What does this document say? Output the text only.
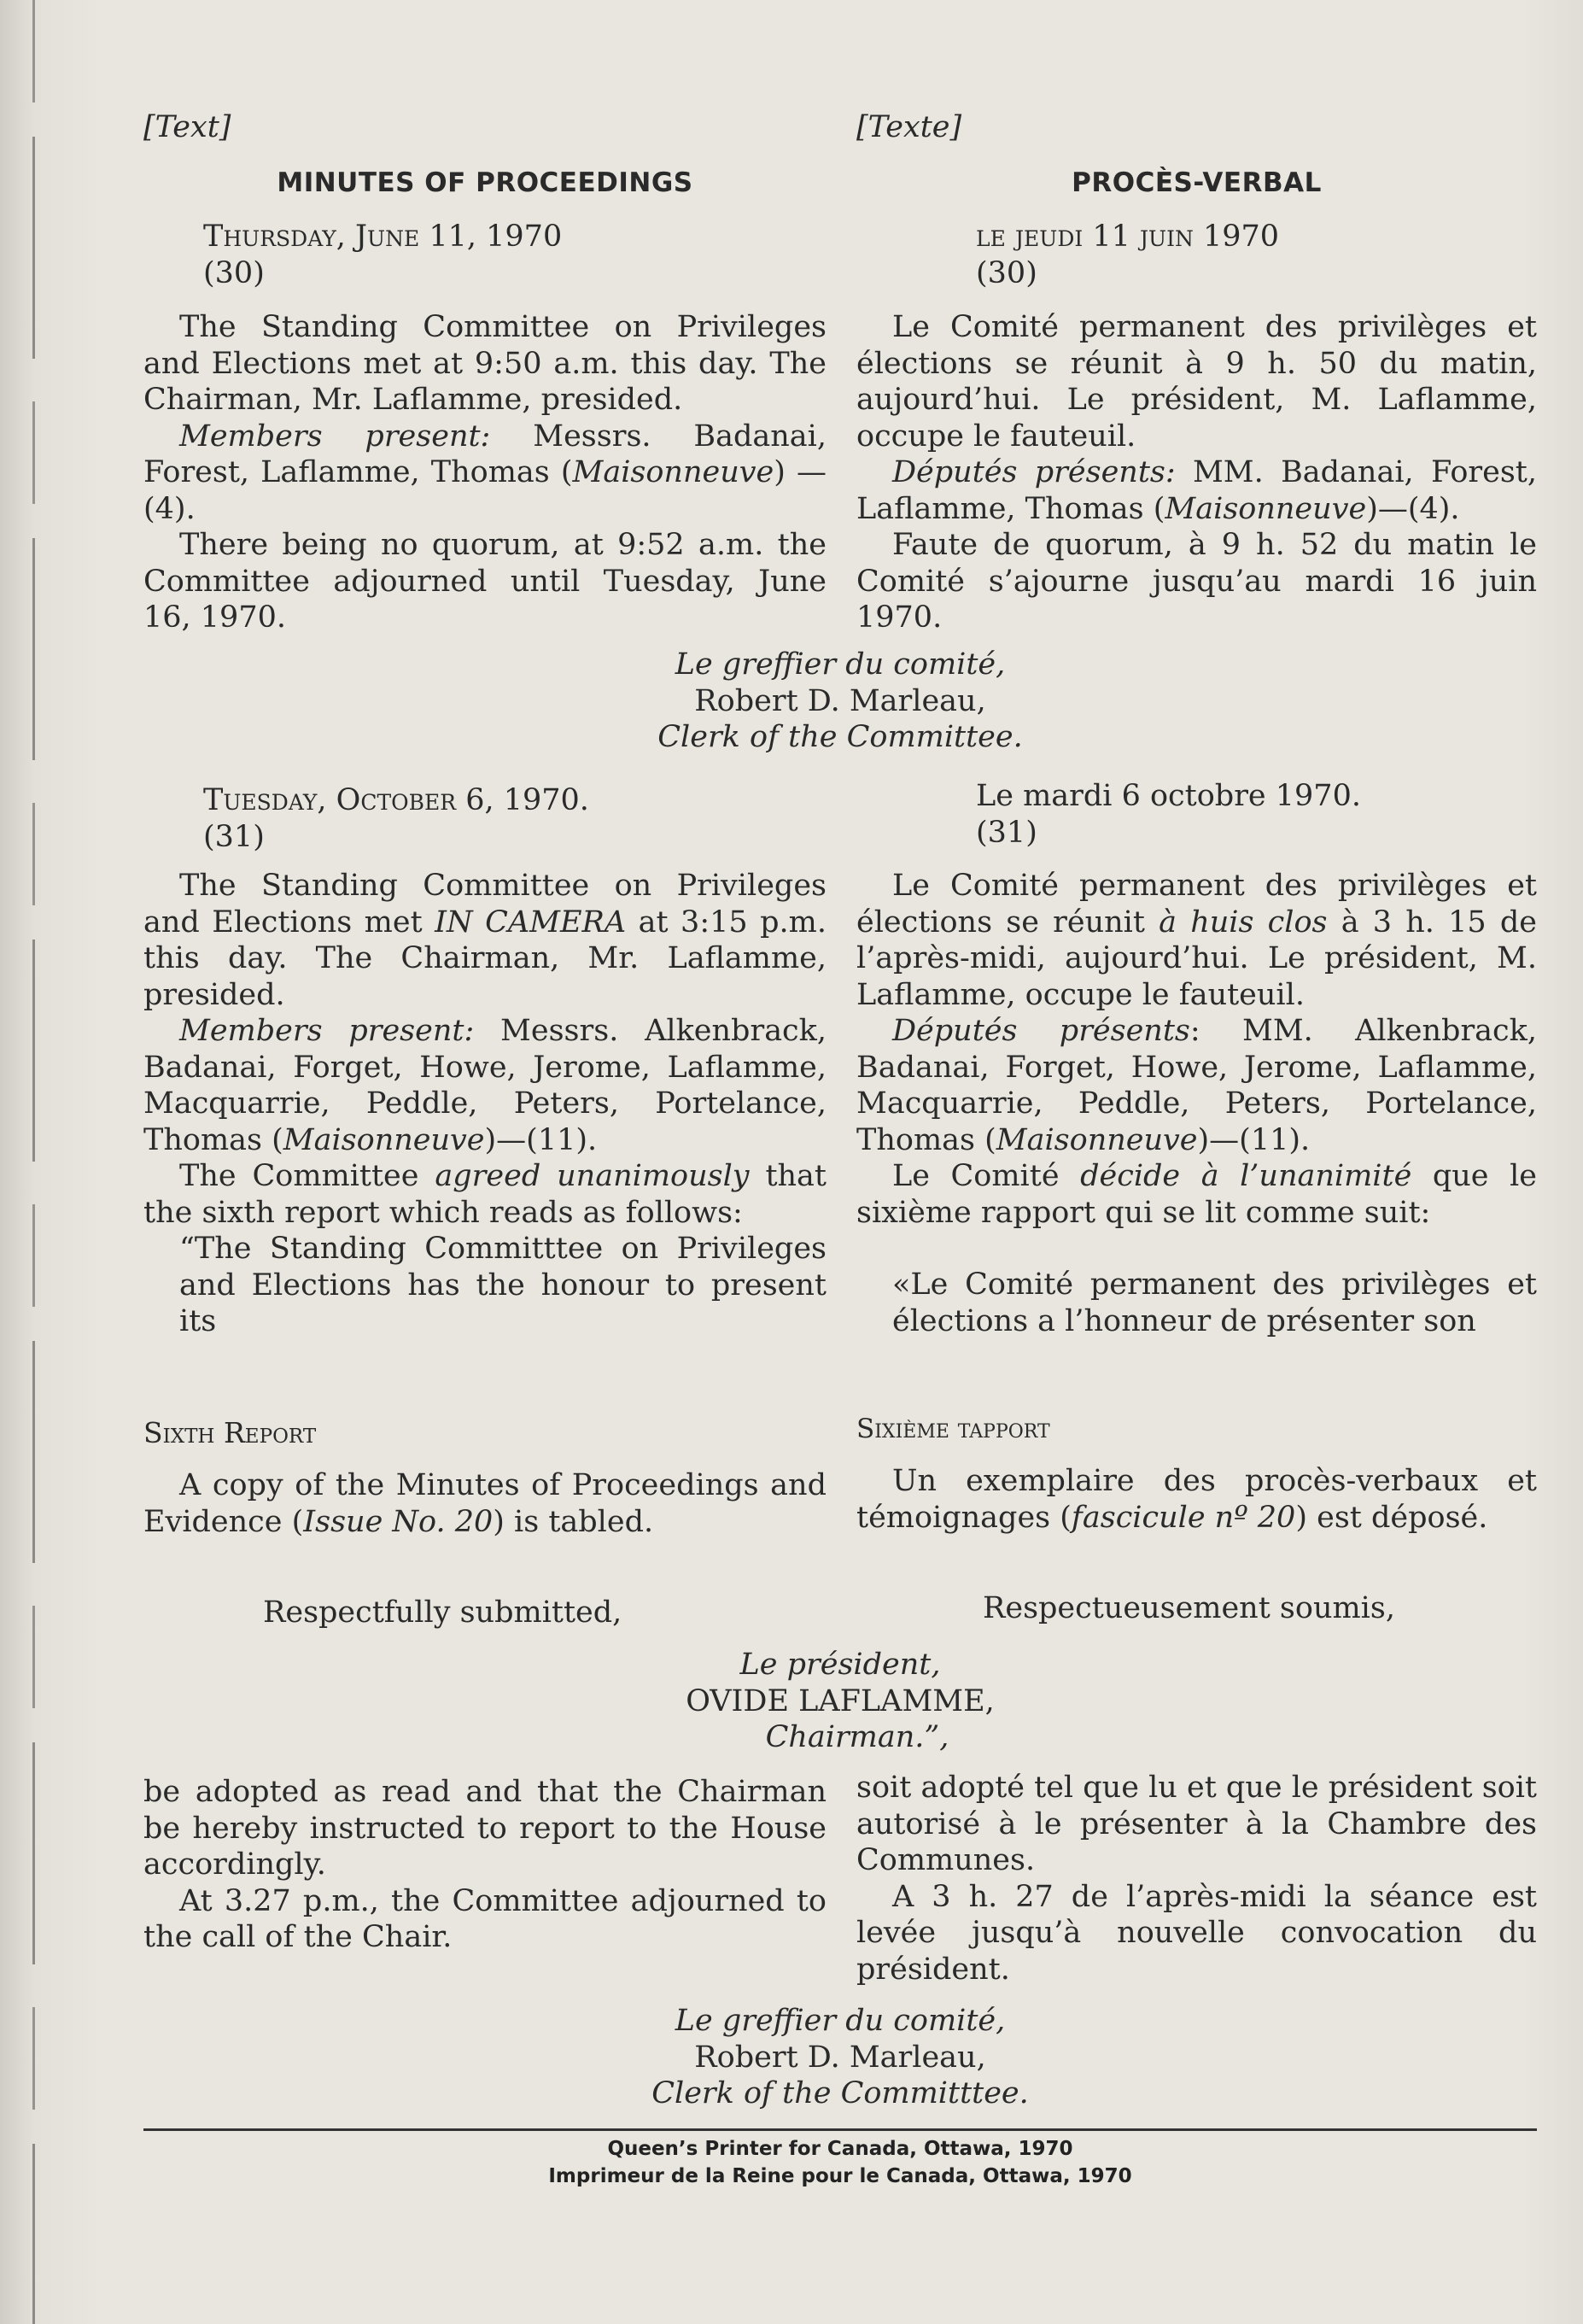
[Text]	[Texte]

MINUTES OF PROCEEDINGS	PROCÈS-VERBAL

Thursday, June 11, 1970

(30)

le jeudi 11 juin 1970

(30)

The Standing Committee on Privileges and Elections met at 9:50 a.m. this day. The Chairman, Mr. Laflamme, presided.

Members present: Messrs. Badanai, Forest, Laflamme, Thomas (Maisonneuve) —(4).

There being no quorum, at 9:52 a.m. the Committee adjourned until Tuesday, June 16, 1970.

Le Comité permanent des privilèges et élections se réunit à 9 h. 50 du matin, aujourd’hui. Le président, M. Laflamme, occupe le fauteuil.

Députés présents: MM. Badanai, Forest, Laflamme, Thomas (Maisonneuve)—(4).

Faute de quorum, à 9 h. 52 du matin le Comité s’ajourne jusqu’au mardi 16 juin 1970.

Le greffier du comité,
Robert D. Marleau,
Clerk of the Committee.

Tuesday, October 6, 1970.

(31)

Le mardi 6 octobre 1970.

(31)

The Standing Committee on Privileges and Elections met IN CAMERA at 3:15 p.m. this day. The Chairman, Mr. Laflamme, presided.

Members present: Messrs. Alkenbrack, Badanai, Forget, Howe, Jerome, Laflamme, Macquarrie, Peddle, Peters, Portelance, Thomas (Maisonneuve)—(11).

The Committee agreed unanimously that the sixth report which reads as follows:

“The Standing Committtee on Privileges and Elections has the honour to present its

Le Comité permanent des privilèges et élections se réunit à huis clos à 3 h. 15 de l’après-midi, aujourd’hui. Le président, M. Laflamme, occupe le fauteuil.

Députés présents: MM. Alkenbrack, Badanai, Forget, Howe, Jerome, Laflamme, Macquarrie, Peddle, Peters, Portelance, Thomas (Maisonneuve)—(11).

Le Comité décide à l’unanimité que le sixième rapport qui se lit comme suit:

«Le Comité permanent des privilèges et élections a l’honneur de présenter son

Sixth Report	Sixième tapport

A copy of the Minutes of Proceedings and Evidence (Issue No. 20) is tabled.

Un exemplaire des procès-verbaux et témoignages (fascicule nº 20) est déposé.

Respectfully submitted,	Respectueusement soumis,

Le président,
OVIDE LAFLAMME,
Chairman.”,

be adopted as read and that the Chairman be hereby instructed to report to the House accordingly.

At 3.27 p.m., the Committee adjourned to the call of the Chair.

soit adopté tel que lu et que le président soit autorisé à le présenter à la Chambre des Communes.

A 3 h. 27 de l’après-midi la séance est levée jusqu’à nouvelle convocation du président.

Le greffier du comité,
Robert D. Marleau,
Clerk of the Committtee.
Queen’s Printer for Canada, Ottawa, 1970
Imprimeur de la Reine pour le Canada, Ottawa, 1970
